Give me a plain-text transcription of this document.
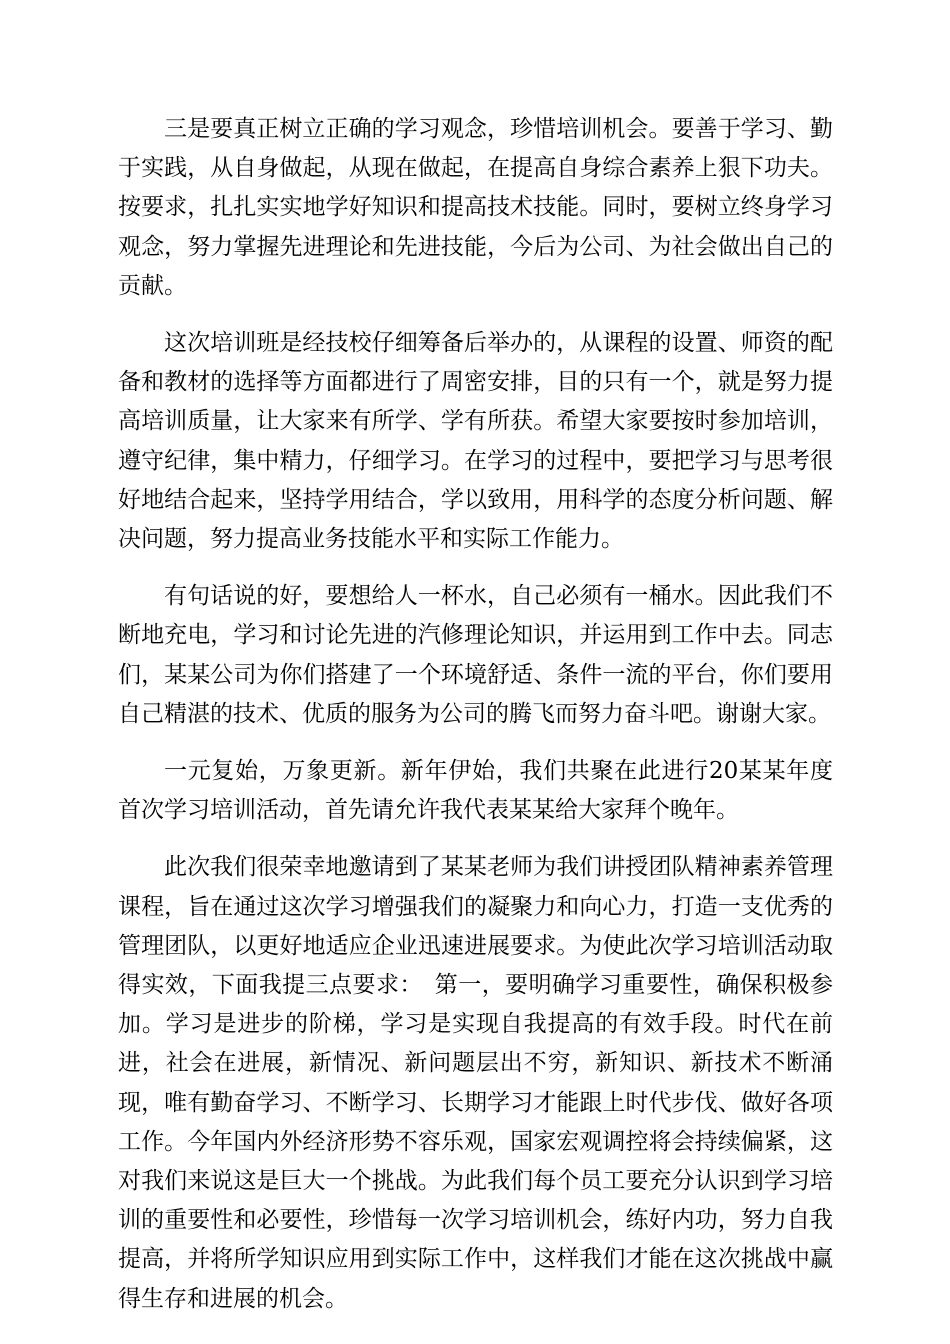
三是要真正树立正确的学习观念，珍惜培训机会。要善于学习、勤于实践，从自身做起，从现在做起，在提高自身综合素养上狠下功夫。按要求，扎扎实实地学好知识和提高技术技能。同时，要树立终身学习观念，努力掌握先进理论和先进技能，今后为公司、为社会做出自己的贡献。

这次培训班是经技校仔细筹备后举办的，从课程的设置、师资的配备和教材的选择等方面都进行了周密安排，目的只有一个，就是努力提高培训质量，让大家来有所学、学有所获。希望大家要按时参加培训，遵守纪律，集中精力，仔细学习。在学习的过程中，要把学习与思考很好地结合起来，坚持学用结合，学以致用，用科学的态度分析问题、解决问题，努力提高业务技能水平和实际工作能力。

有句话说的好，要想给人一杯水，自己必须有一桶水。因此我们不断地充电，学习和讨论先进的汽修理论知识，并运用到工作中去。同志们，某某公司为你们搭建了一个环境舒适、条件一流的平台，你们要用自己精湛的技术、优质的服务为公司的腾飞而努力奋斗吧。谢谢大家。

一元复始，万象更新。新年伊始，我们共聚在此进行20某某年度首次学习培训活动，首先请允许我代表某某给大家拜个晚年。

此次我们很荣幸地邀请到了某某老师为我们讲授团队精神素养管理课程，旨在通过这次学习增强我们的凝聚力和向心力，打造一支优秀的管理团队，以更好地适应企业迅速进展要求。为使此次学习培训活动取得实效，下面我提三点要求：　第一，要明确学习重要性，确保积极参加。学习是进步的阶梯，学习是实现自我提高的有效手段。时代在前进，社会在进展，新情况、新问题层出不穷，新知识、新技术不断涌现，唯有勤奋学习、不断学习、长期学习才能跟上时代步伐、做好各项工作。今年国内外经济形势不容乐观，国家宏观调控将会持续偏紧，这对我们来说这是巨大一个挑战。为此我们每个员工要充分认识到学习培训的重要性和必要性，珍惜每一次学习培训机会，练好内功，努力自我提高，并将所学知识应用到实际工作中，这样我们才能在这次挑战中赢得生存和进展的机会。
